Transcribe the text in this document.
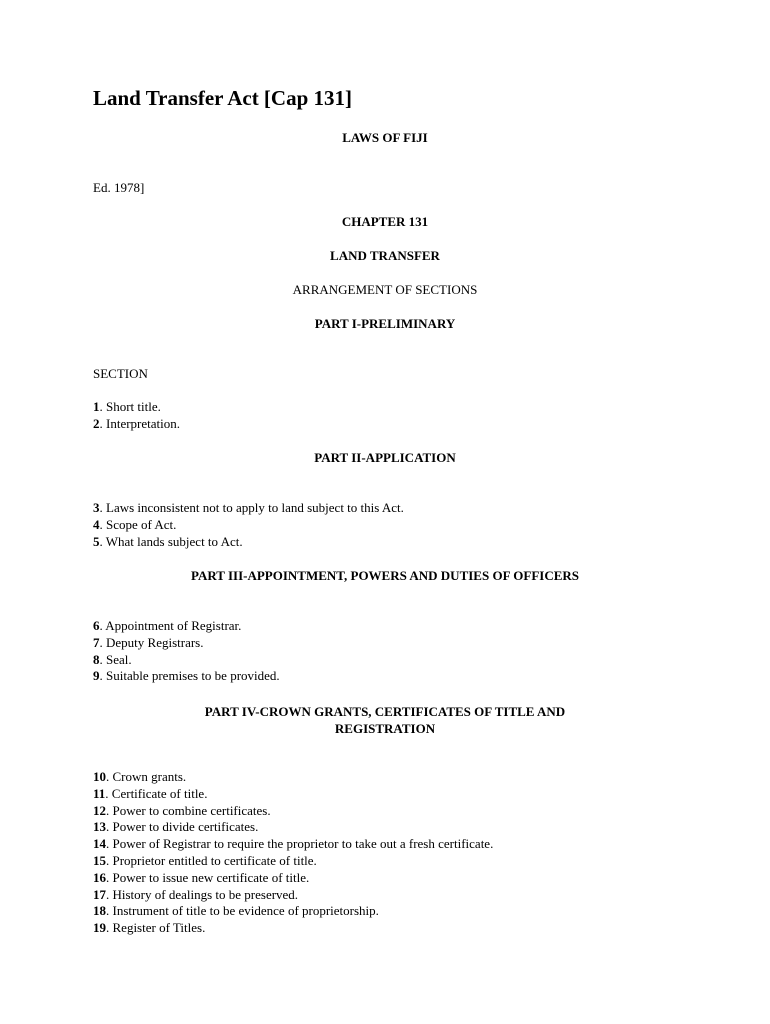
Land Transfer Act [Cap 131]
LAWS OF FIJI
Ed. 1978]
CHAPTER 131
LAND TRANSFER
ARRANGEMENT OF SECTIONS
PART I-PRELIMINARY
SECTION
1. Short title.
2. Interpretation.
PART II-APPLICATION
3. Laws inconsistent not to apply to land subject to this Act.
4. Scope of Act.
5. What lands subject to Act.
PART III-APPOINTMENT, POWERS AND DUTIES OF OFFICERS
6. Appointment of Registrar.
7. Deputy Registrars.
8. Seal.
9. Suitable premises to be provided.
PART IV-CROWN GRANTS, CERTIFICATES OF TITLE AND
REGISTRATION
10. Crown grants.
11. Certificate of title.
12. Power to combine certificates.
13. Power to divide certificates.
14. Power of Registrar to require the proprietor to take out a fresh certificate.
15. Proprietor entitled to certificate of title.
16. Power to issue new certificate of title.
17. History of dealings to be preserved.
18. Instrument of title to be evidence of proprietorship.
19. Register of Titles.
